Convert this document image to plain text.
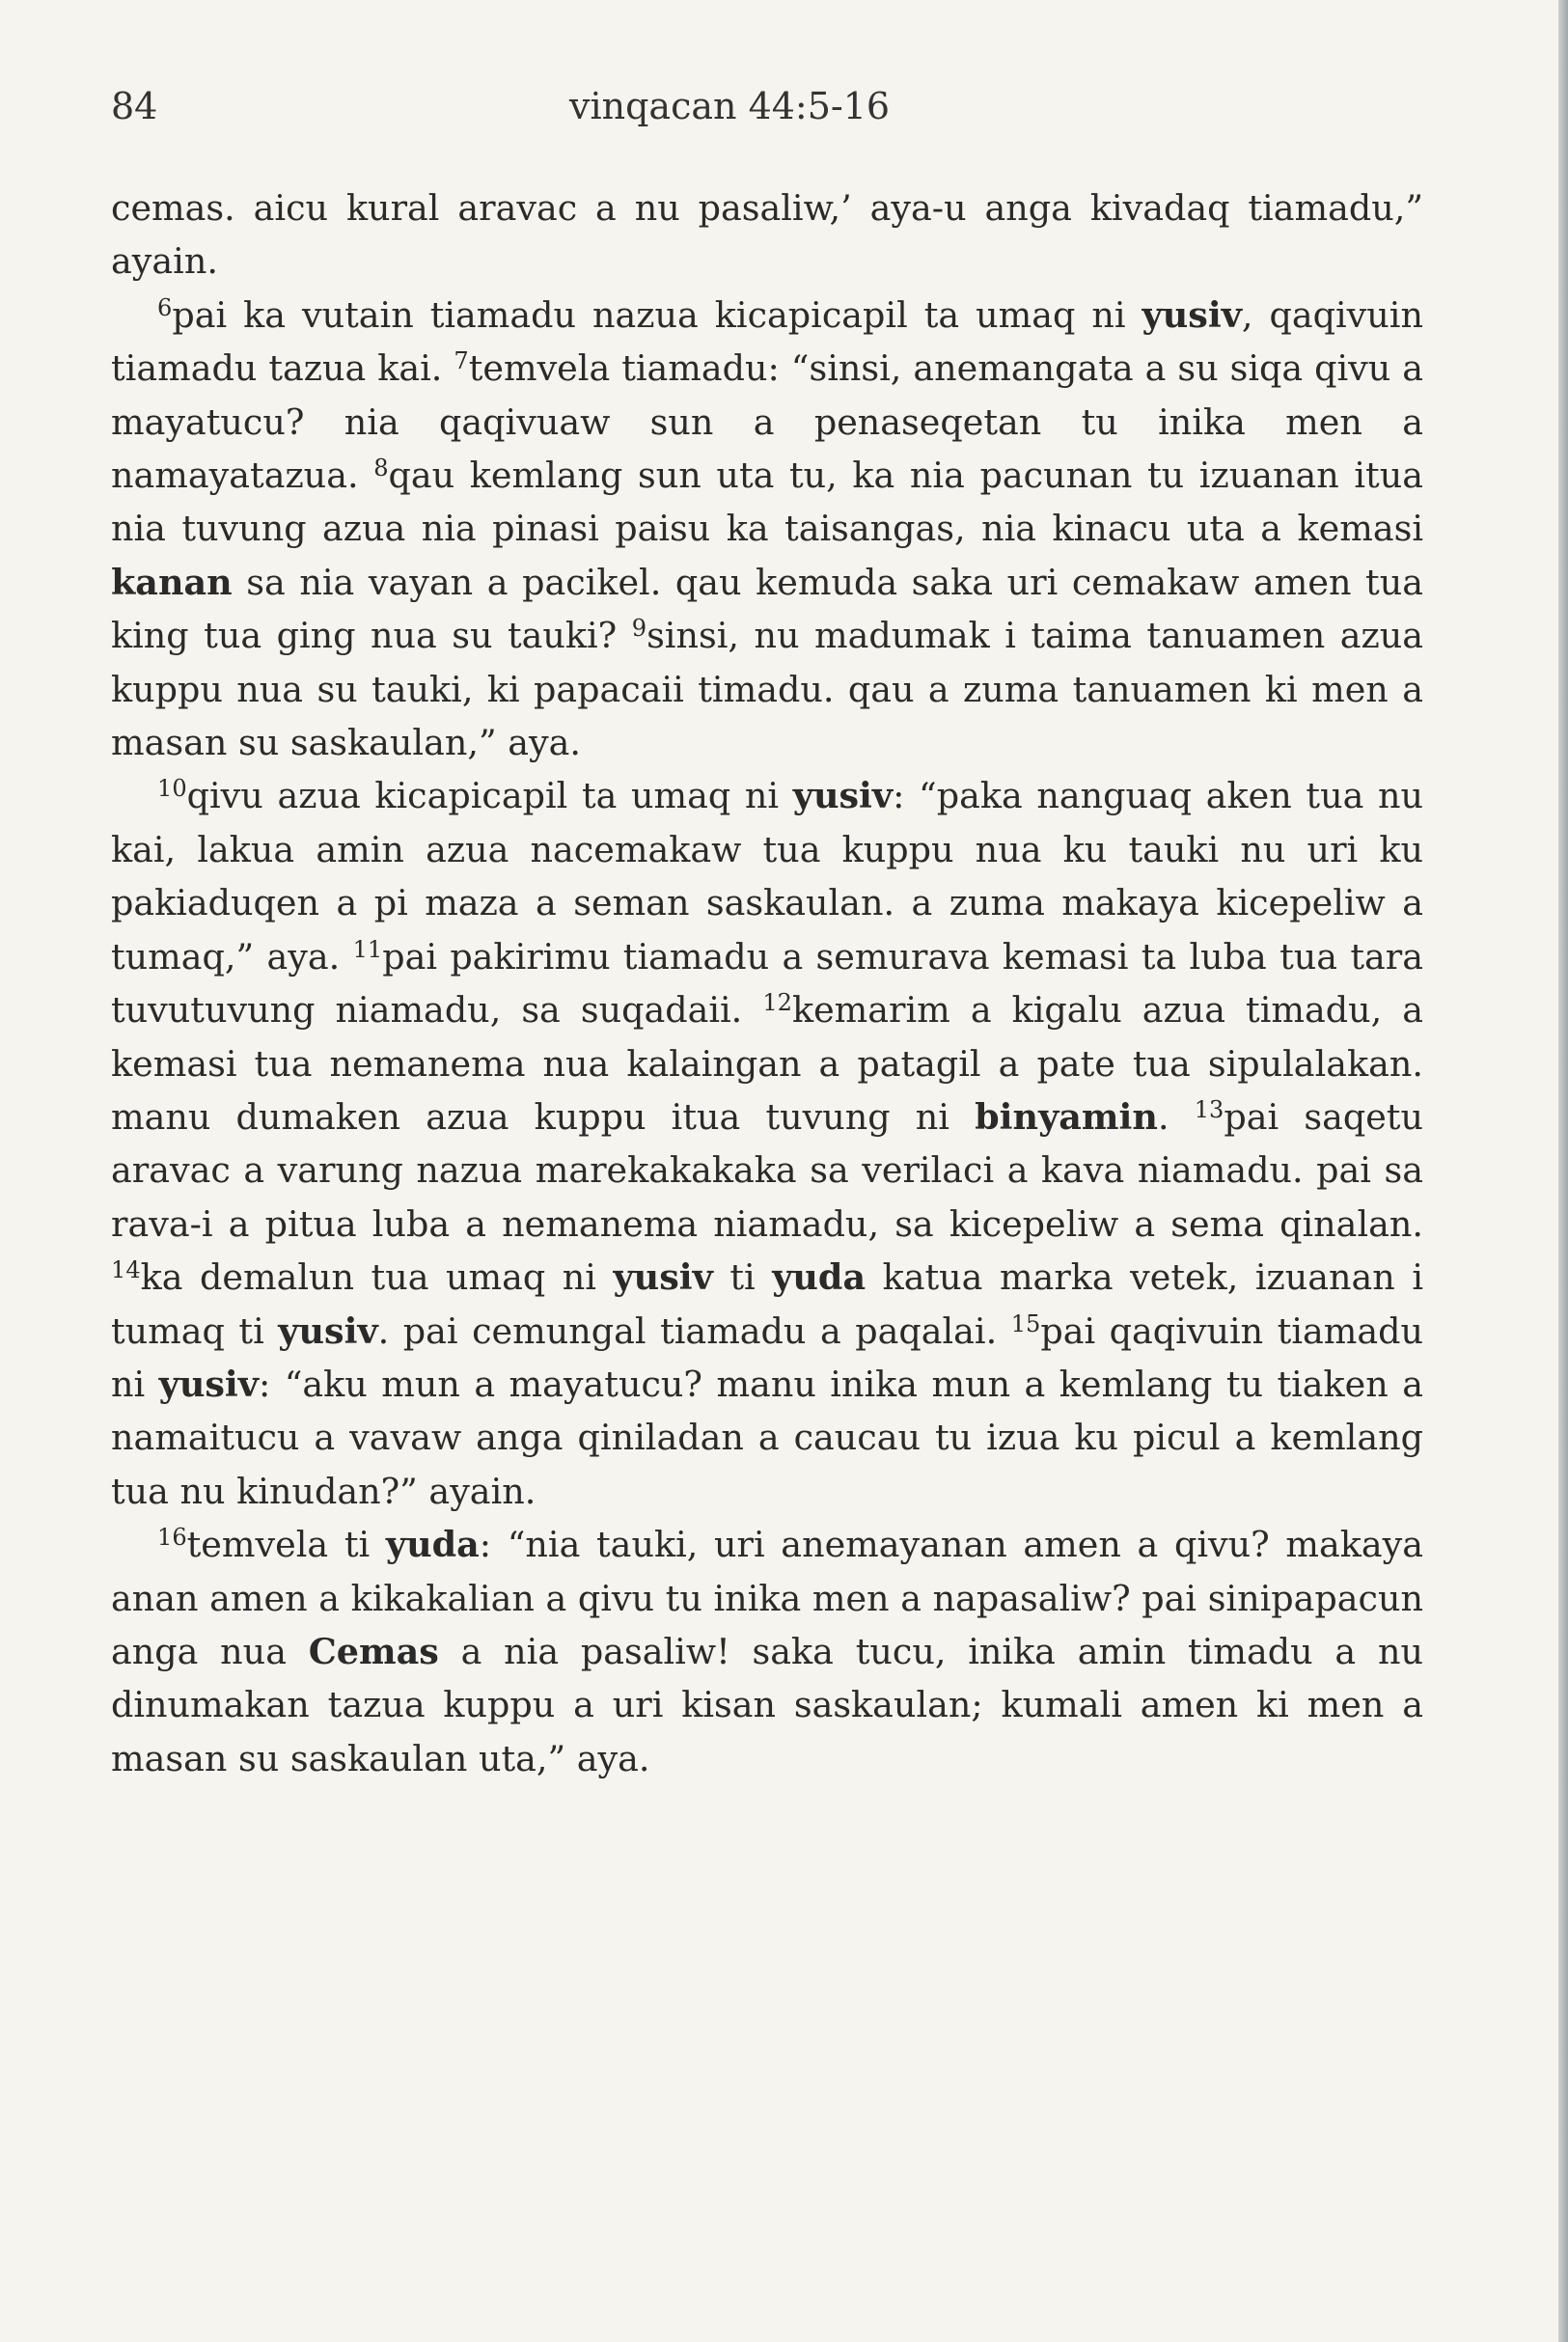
84	vinqacan 44:5-16

cemas. aicu kural aravac a nu pasaliw,’ aya-u anga kivadaq tiamadu,” ayain.

$^6$pai ka vutain tiamadu nazua kicapicapil ta umaq ni yusiv, qaqivuin tiamadu tazua kai. $^7$temvela tiamadu: “sinsi, anemangata a su siqa qivu a mayatucu? nia qaqivuaw sun a penaseqetan tu inika men a namayatazua. $^8$qau kemlang sun uta tu, ka nia pacunan tu izuanan itua nia tuvung azua nia pinasi paisu ka taisangas, nia kinacu uta a kemasi kanan sa nia vayan a pacikel. qau kemuda saka uri cemakaw amen tua king tua ging nua su tauki? $^9$sinsi, nu madumak i taima tanuamen azua kuppu nua su tauki, ki papacaii timadu. qau a zuma tanuamen ki men a masan su saskaulan,” aya.

$^{10}$qivu azua kicapicapil ta umaq ni yusiv: “paka nanguaq aken tua nu kai, lakua amin azua nacemakaw tua kuppu nua ku tauki nu uri ku pakiaduqen a pi maza a seman saskaulan. a zuma makaya kicepeliw a tumaq,” aya. $^{11}$pai pakirimu tiamadu a semurava kemasi ta luba tua tara tuvutuvung niamadu, sa suqadaii. $^{12}$kemarim a kigalu azua timadu, a kemasi tua nemanema nua kalaingan a patagil a pate tua sipulalakan. manu dumaken azua kuppu itua tuvung ni binyamin. $^{13}$pai saqetu aravac a varung nazua marekakakaka sa verilaci a kava niamadu. pai sa rava-i a pitua luba a nemanema niamadu, sa kicepeliw a sema qinalan. $^{14}$ka demalun tua umaq ni yusiv ti yuda katua marka vetek, izuanan i tumaq ti yusiv. pai cemungal tiamadu a paqalai. $^{15}$pai qaqivuin tiamadu ni yusiv: “aku mun a mayatucu? manu inika mun a kemlang tu tiaken a namaitucu a vavaw anga qiniladan a caucau tu izua ku picul a kemlang tua nu kinudan?” ayain.

$^{16}$temvela ti yuda: “nia tauki, uri anemayanan amen a qivu? makaya anan amen a kikakalian a qivu tu inika men a napasaliw? pai sinipapacun anga nua Cemas a nia pasaliw! saka tucu, inika amin timadu a nu dinumakan tazua kuppu a uri kisan saskaulan; kumali amen ki men a masan su saskaulan uta,” aya.
